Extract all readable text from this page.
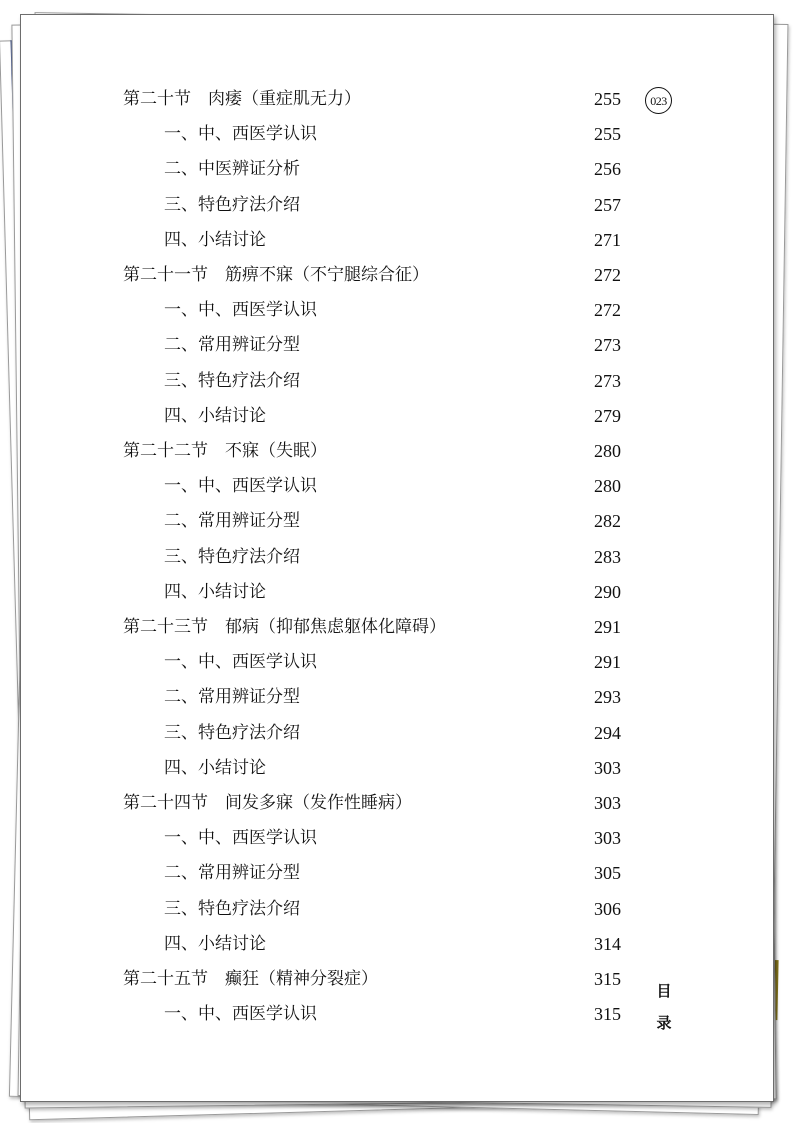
第二十节　肉痿（重症肌无力）	255
一、中、西医学认识	255
二、中医辨证分析	256
三、特色疗法介绍	257
四、小结讨论	271
第二十一节　筋痹不寐（不宁腿综合征）	272
一、中、西医学认识	272
二、常用辨证分型	273
三、特色疗法介绍	273
四、小结讨论	279
第二十二节　不寐（失眠）	280
一、中、西医学认识	280
二、常用辨证分型	282
三、特色疗法介绍	283
四、小结讨论	290
第二十三节　郁病（抑郁焦虑躯体化障碍）	291
一、中、西医学认识	291
二、常用辨证分型	293
三、特色疗法介绍	294
四、小结讨论	303
第二十四节　间发多寐（发作性睡病）	303
一、中、西医学认识	303
二、常用辨证分型	305
三、特色疗法介绍	306
四、小结讨论	314
第二十五节　癫狂（精神分裂症）	315
一、中、西医学认识	315
023
目
录
